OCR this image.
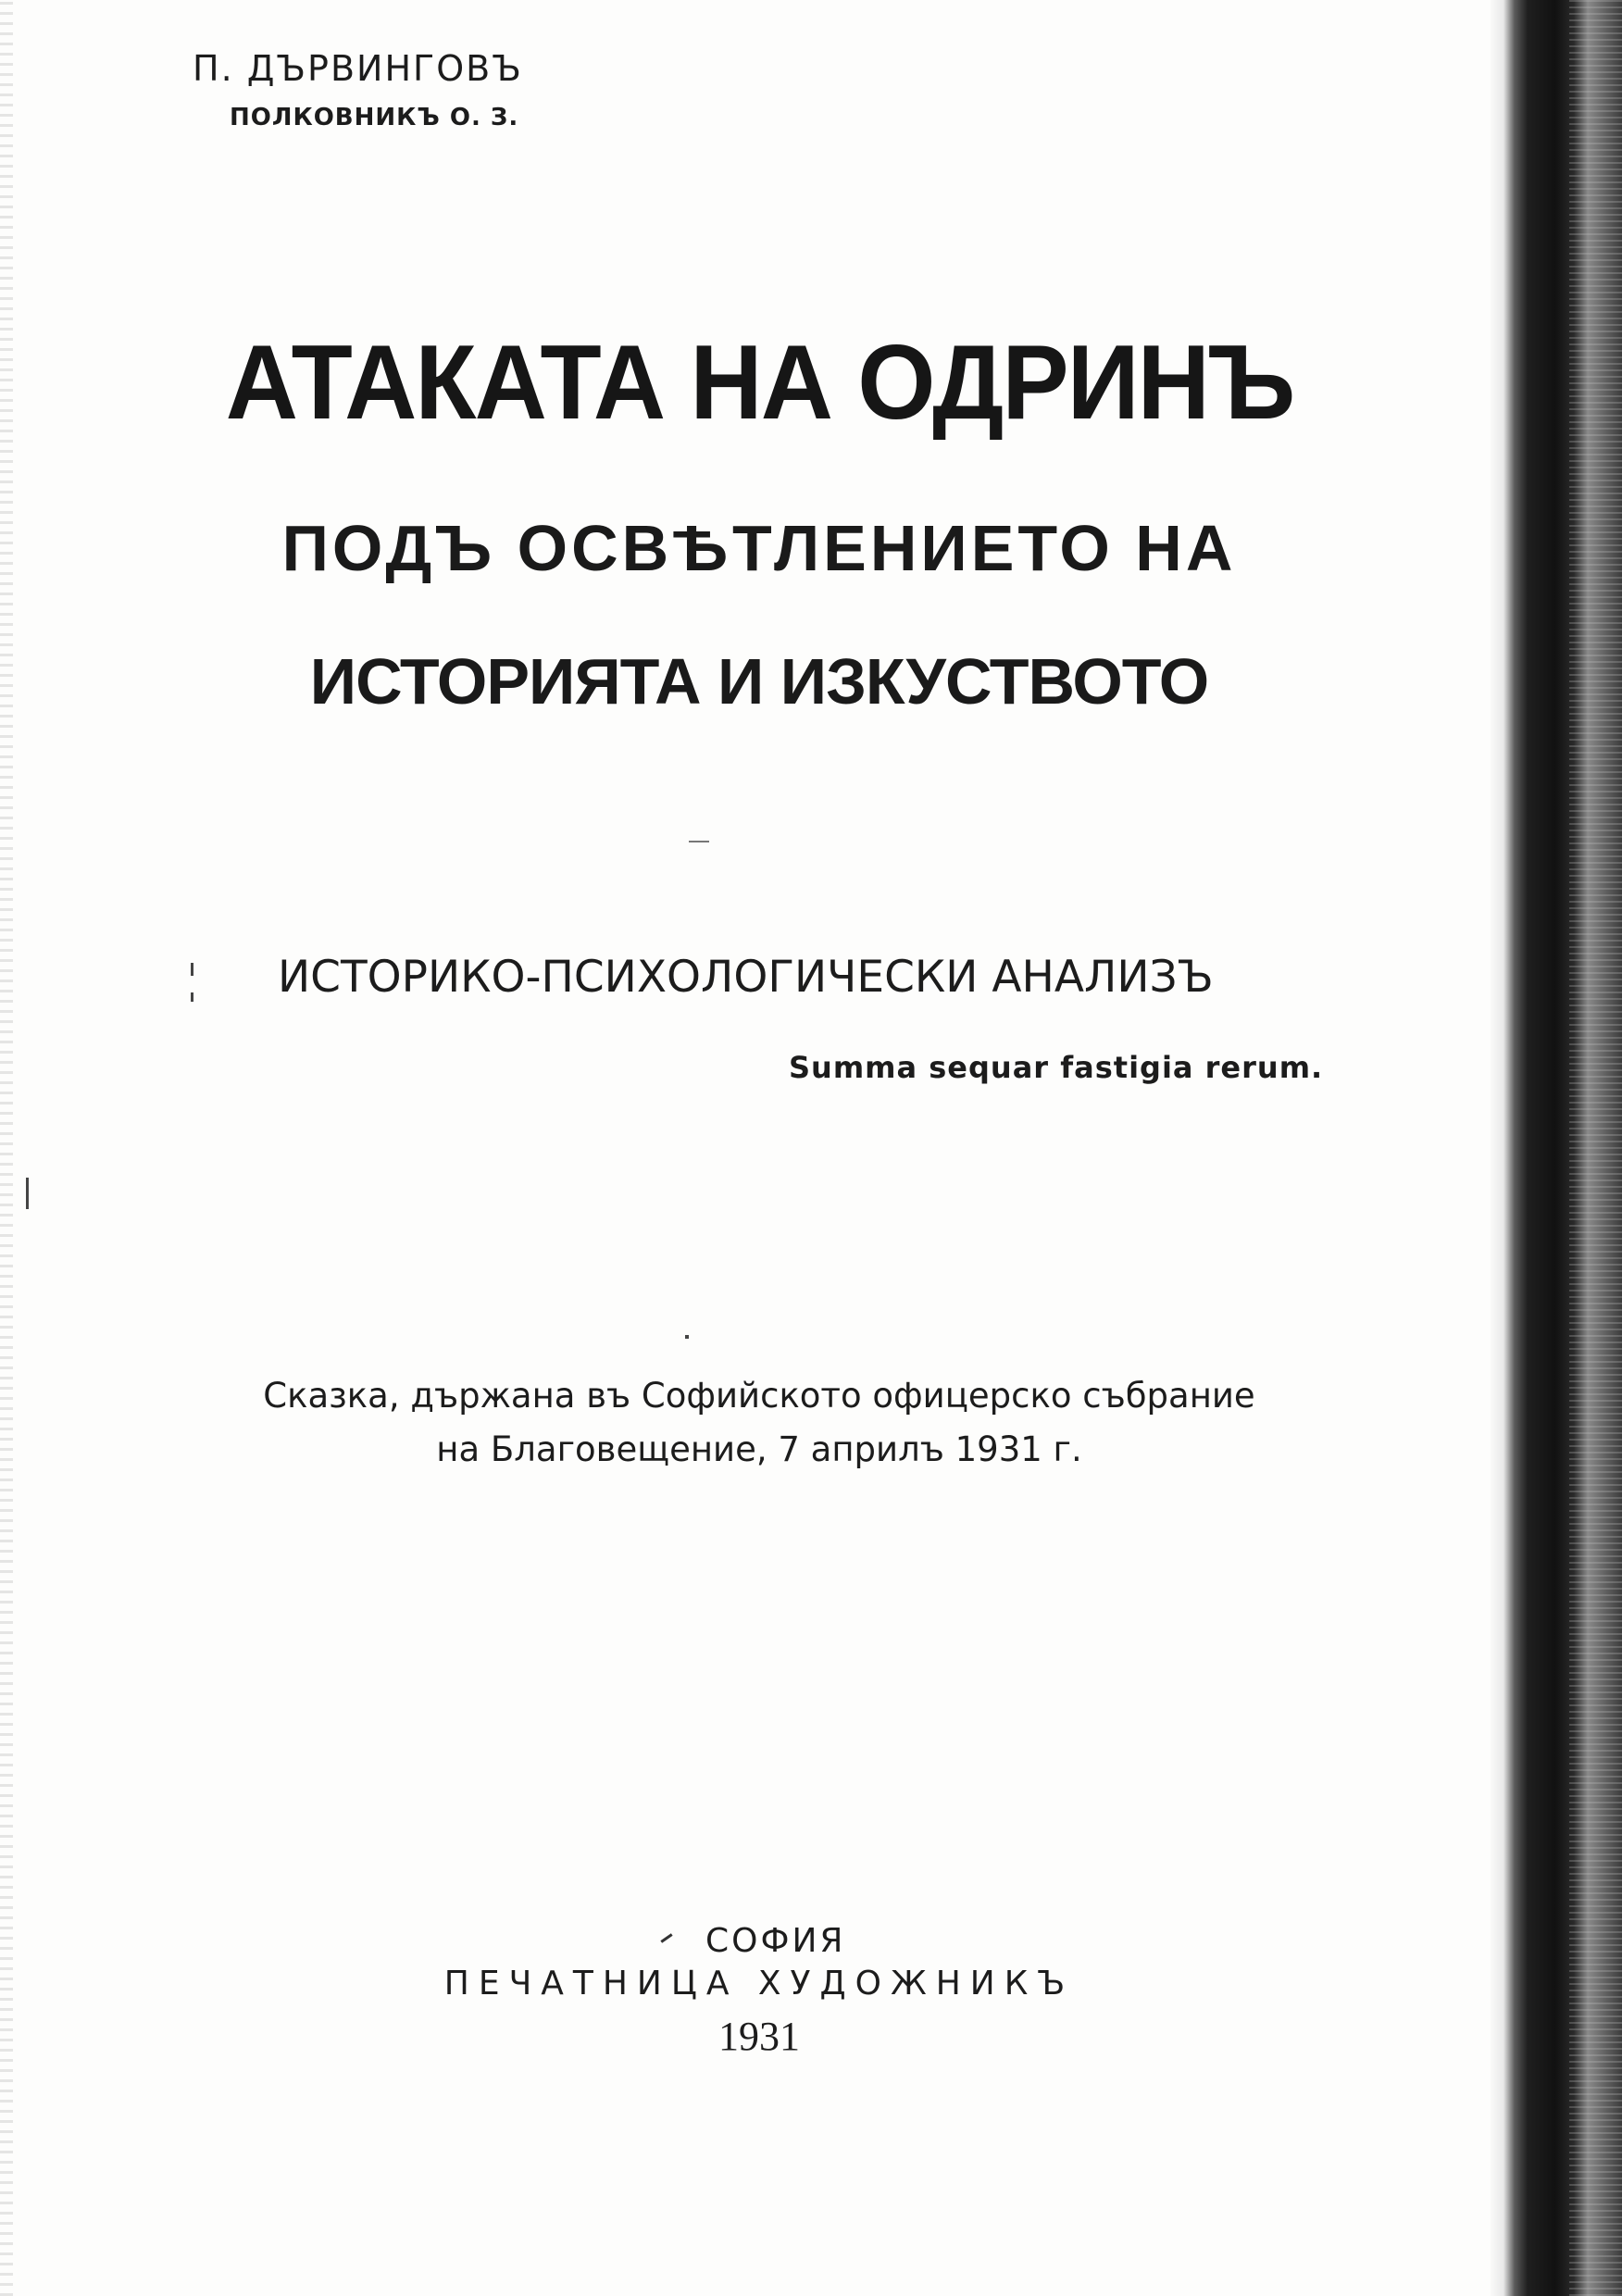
П. ДЪРВИНГОВЪ

ПОЛКОВНИКЪ О. З.

АТАКАТА НА ОДРИНЪ
ПОДЪ ОСВѢТЛЕНИЕТО НА
ИСТОРИЯТА И ИЗКУСТВОТО

ИСТОРИКО-ПСИХОЛОГИЧЕСКИ АНАЛИЗЪ

Summa sequar fastigia rerum.

Сказка, държана въ Софийското офицерско събрание

на Благовещение, 7 априлъ 1931 г.

СОФИЯ

ПЕЧАТНИЦА ХУДОЖНИКЪ

1931
